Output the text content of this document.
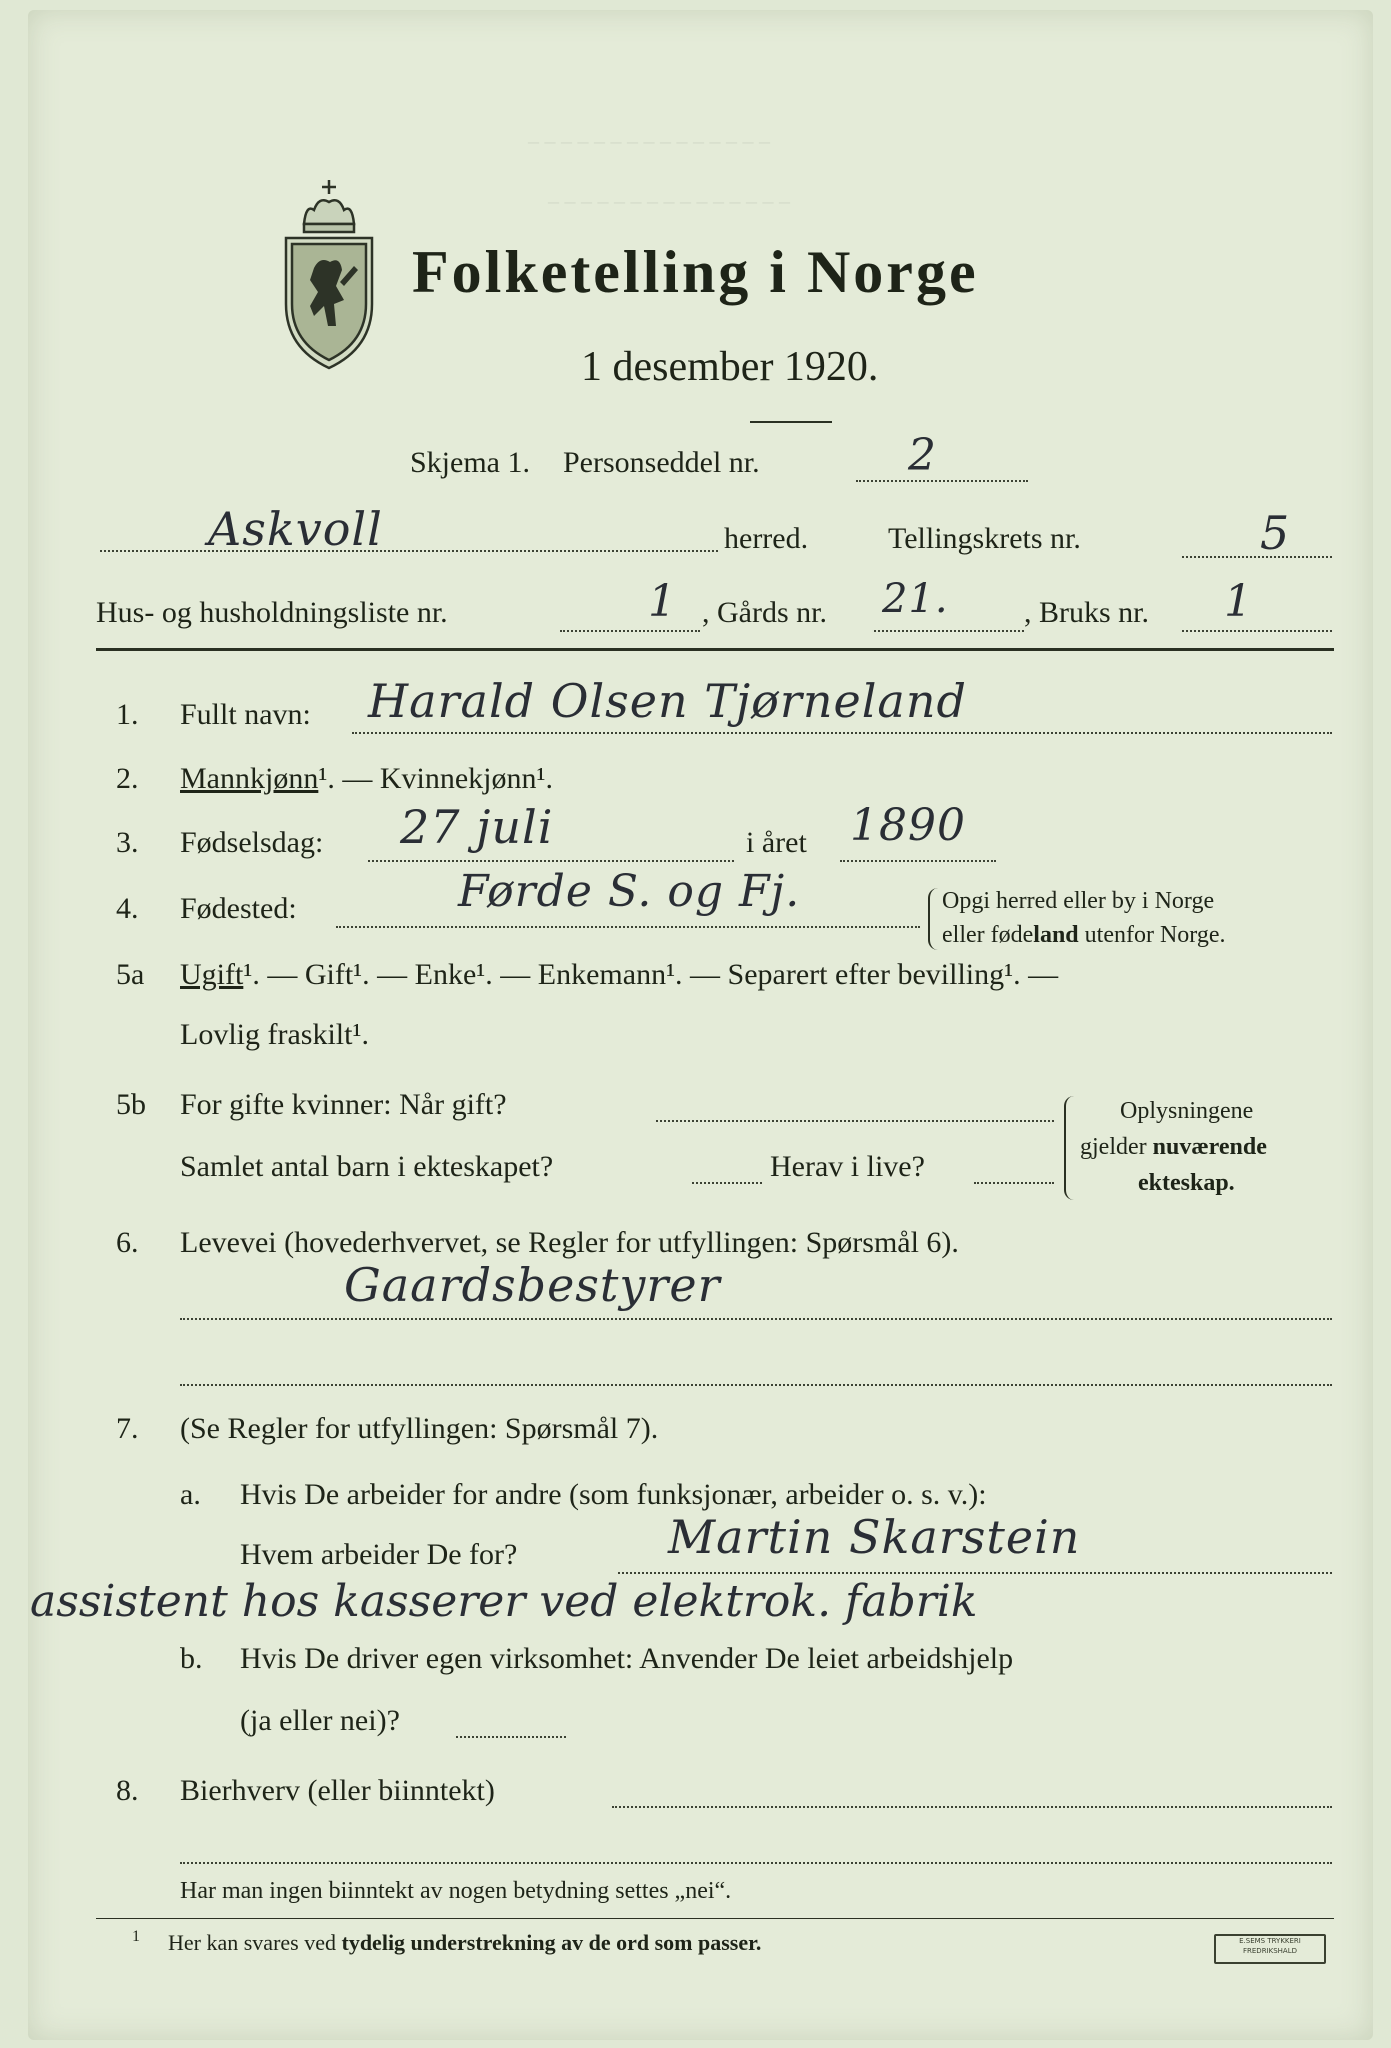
– – – – – – – – – – – – – – –
– – – – – – – – – – – – – – –
Folketelling i Norge
1 desember 1920.
Skjema 1. Personseddel nr.	2
Askvoll	herred.	Tellingskrets nr.	5
Hus- og husholdningsliste nr.	1 , Gårds nr. 21.	, Bruks nr. 1
1. Fullt navn: Harald Olsen Tjørneland
2. Mannkjønn¹. — Kvinnekjønn¹.
3. Fødselsdag: 27 juli	i året 1890
4. Fødested:	Førde S. og Fj.	Opgi herred eller by i Norge
eller fødeland utenfor Norge.
5a Ugift¹. — Gift¹. — Enke¹. — Enkemann¹. — Separert efter bevilling¹. —
Lovlig fraskilt¹.
5b For gifte kvinner: Når gift?
Samlet antal barn i ekteskapet?	Herav i live?
Oplysningene
gjelder nuværende
ekteskap.
6. Levevei (hovederhvervet, se Regler for utfyllingen: Spørsmål 6).
Gaardsbestyrer
7. (Se Regler for utfyllingen: Spørsmål 7).
a. Hvis De arbeider for andre (som funksjonær, arbeider o. s. v.):
Hvem arbeider De for?	Martin Skarstein
assistent hos kasserer ved elektrok. fabrik
b. Hvis De driver egen virksomhet: Anvender De leiet arbeidshjelp
(ja eller nei)?
8. Bierhverv (eller biinntekt)
Har man ingen biinntekt av nogen betydning settes „nei“.
1 Her kan svares ved tydelig understrekning av de ord som passer.	E.SEMS TRYKKERI
FREDRIKSHALD
